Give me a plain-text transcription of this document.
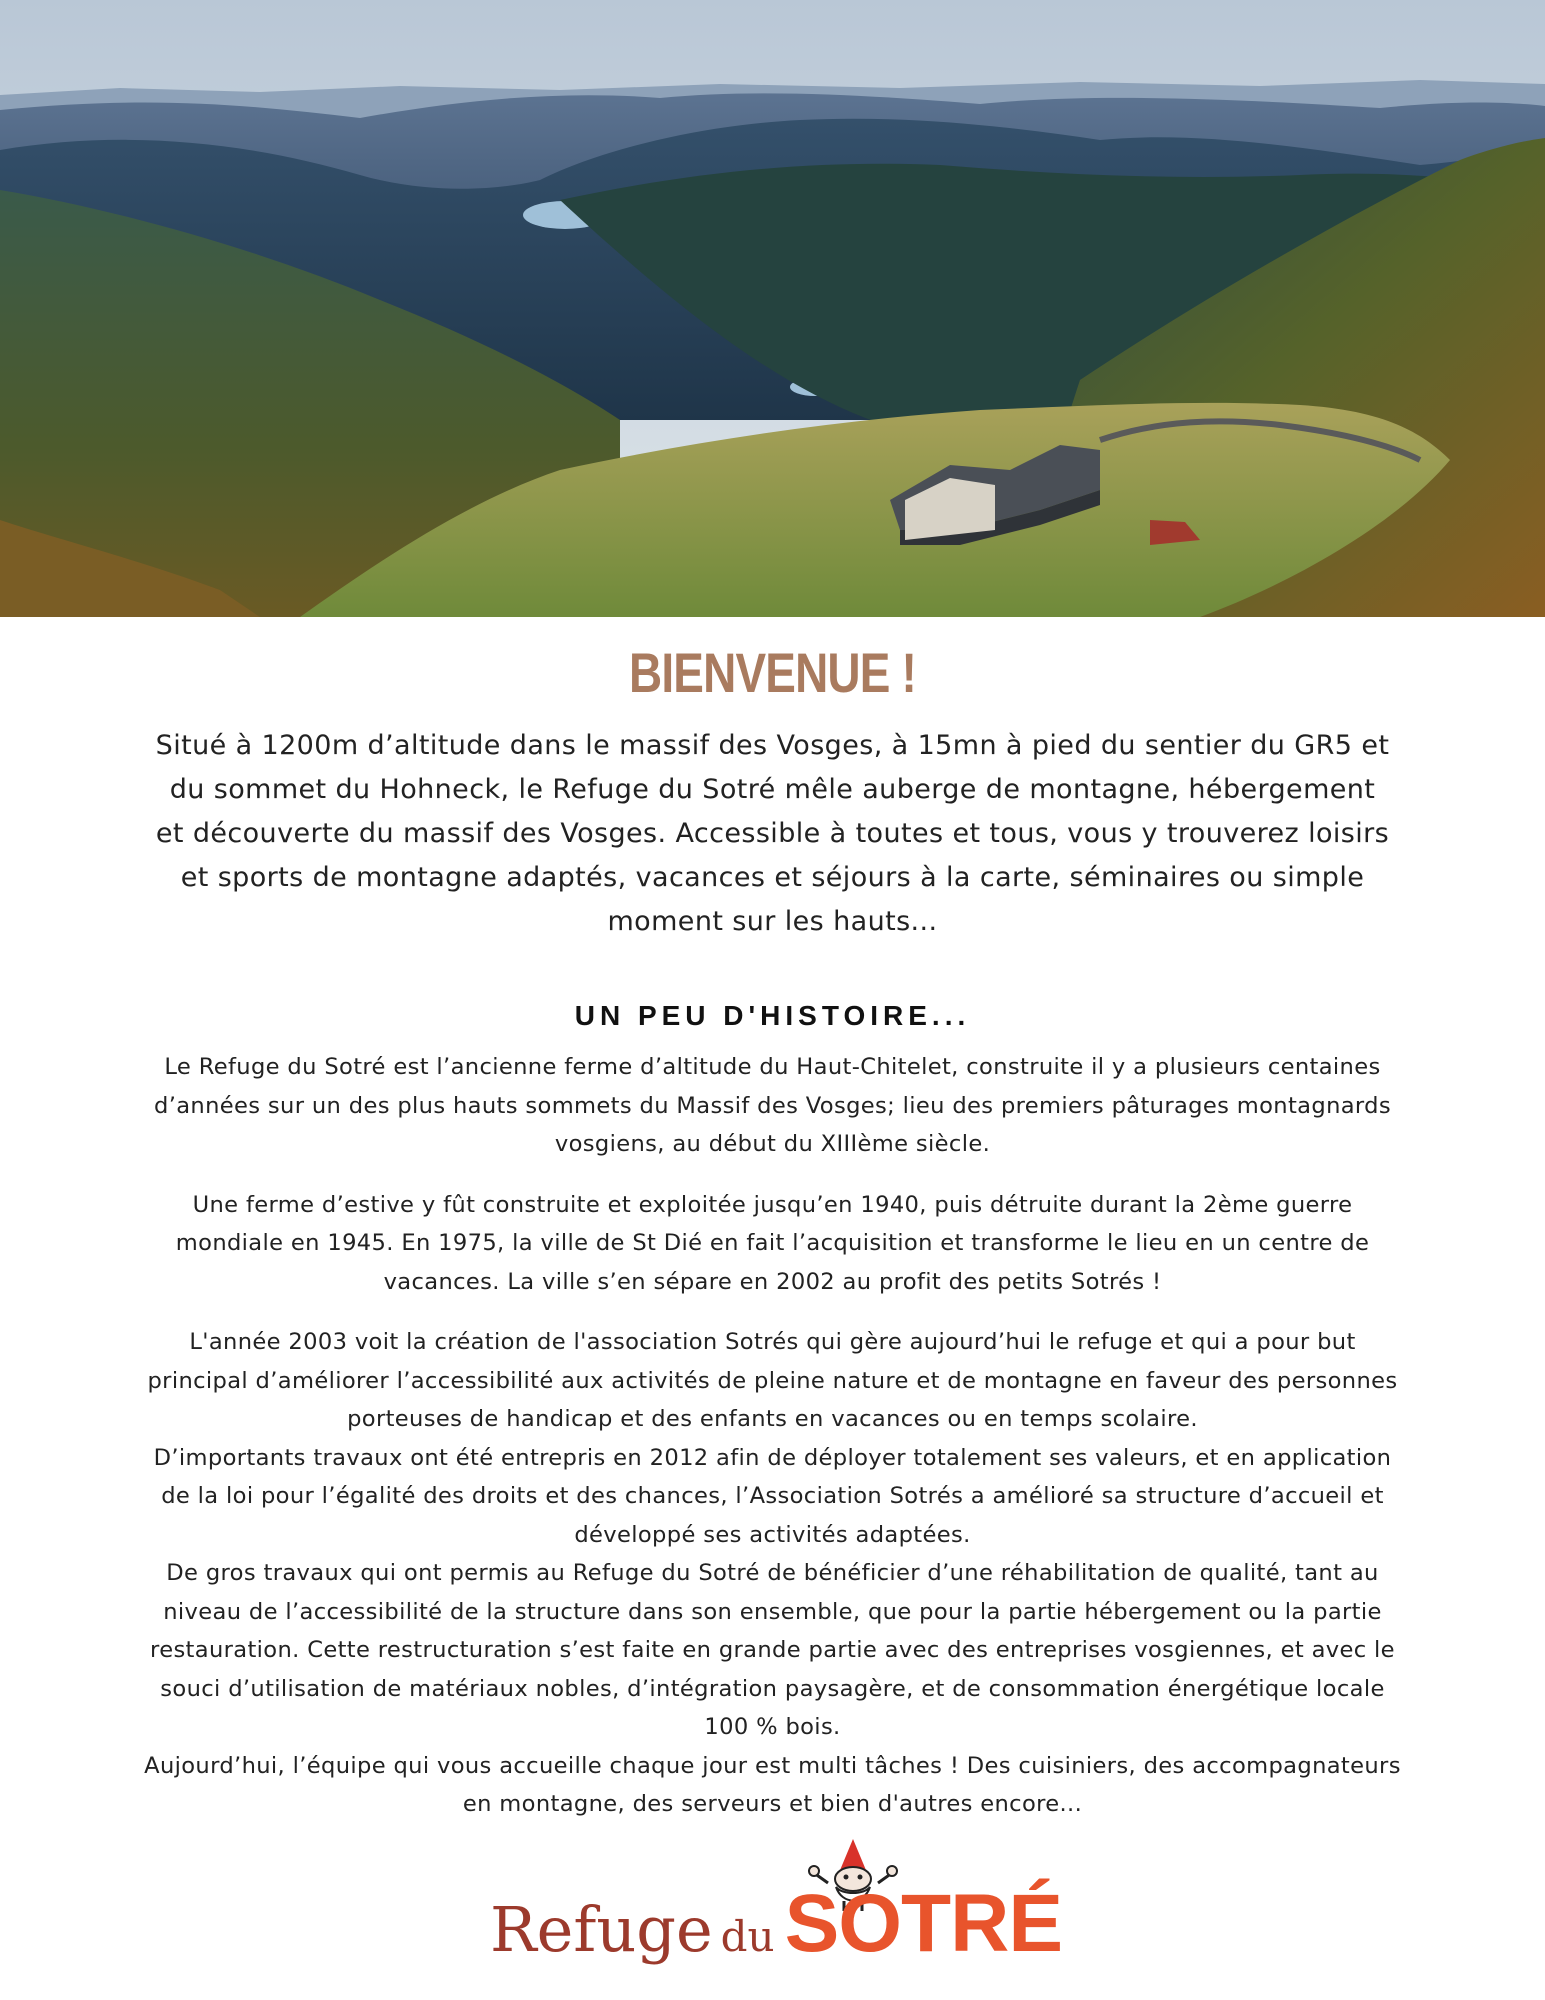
BIENVENUE !
Situé à 1200m d’altitude dans le massif des Vosges, à 15mn à pied du sentier du GR5 et
du sommet du Hohneck, le Refuge du Sotré mêle auberge de montagne, hébergement
et découverte du massif des Vosges. Accessible à toutes et tous, vous y trouverez loisirs
et sports de montagne adaptés, vacances et séjours à la carte, séminaires ou simple
moment sur les hauts...
UN PEU D'HISTOIRE...

Le Refuge du Sotré est l’ancienne ferme d’altitude du Haut-Chitelet, construite il y a plusieurs centaines
d’années sur un des plus hauts sommets du Massif des Vosges; lieu des premiers pâturages montagnards
vosgiens, au début du XIIIème siècle.

Une ferme d’estive y fût construite et exploitée jusqu’en 1940, puis détruite durant la 2ème guerre
mondiale en 1945. En 1975, la ville de St Dié en fait l’acquisition et transforme le lieu en un centre de
vacances. La ville s’en sépare en 2002 au profit des petits Sotrés !

L'année 2003 voit la création de l'association Sotrés qui gère aujourd’hui le refuge et qui a pour but
principal d’améliorer l’accessibilité aux activités de pleine nature et de montagne en faveur des personnes
porteuses de handicap et des enfants en vacances ou en temps scolaire.
D’importants travaux ont été entrepris en 2012 afin de déployer totalement ses valeurs, et en application
de la loi pour l’égalité des droits et des chances, l’Association Sotrés a amélioré sa structure d’accueil et
développé ses activités adaptées.
De gros travaux qui ont permis au Refuge du Sotré de bénéficier d’une réhabilitation de qualité, tant au
niveau de l’accessibilité de la structure dans son ensemble, que pour la partie hébergement ou la partie
restauration. Cette restructuration s’est faite en grande partie avec des entreprises vosgiennes, et avec le
souci d’utilisation de matériaux nobles, d’intégration paysagère, et de consommation énergétique locale
100 % bois.
Aujourd’hui, l’équipe qui vous accueille chaque jour est multi tâches ! Des cuisiniers, des accompagnateurs
en montagne, des serveurs et bien d'autres encore...

Refuge du SOTRÉ
